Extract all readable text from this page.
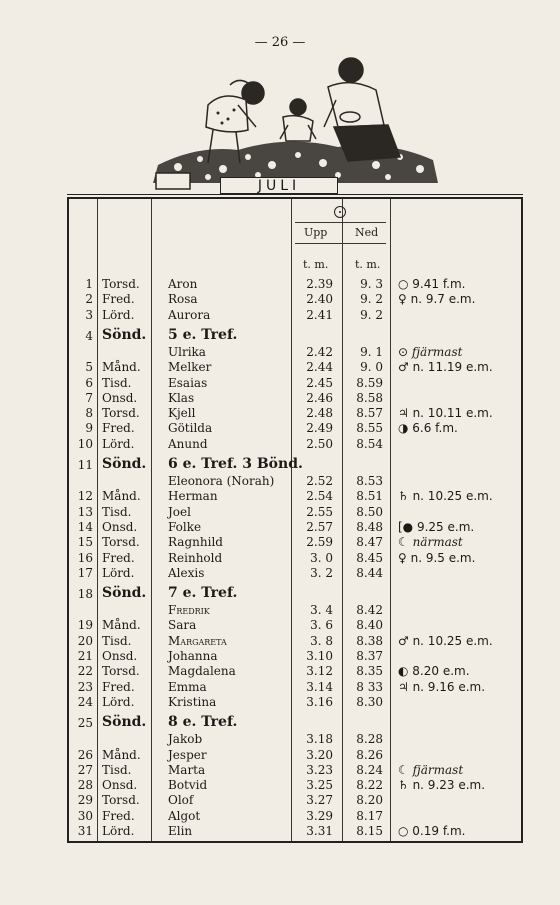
— 26 —
JULI
Upp	Ned
t. m. t. m.
1 Torsd. Aron	2.39	9. 3 ○ 9.41 f.m.
2 Fred.	Rosa	2.40	9. 2 ♀ n. 9.7 e.m.
3 Lörd.	Aurora	2.41	9. 2
4 Sönd. 5 e. Tref.
Ulrika	2.42	9. 1 ⊙ fjärmast
5 Månd. Melker	2.44	9. 0 ♂ n. 11.19 e.m.
6 Tisd.	Esaias	2.45	8.59
7 Onsd.	Klas	2.46	8.58
8 Torsd. Kjell	2.48	8.57 ♃ n. 10.11 e.m.
9 Fred.	Götilda	2.49	8.55 ◑ 6.6 f.m.
10 Lörd.	Anund	2.50	8.54
11 Sönd. 6 e. Tref. 3 Bönd.
Eleonora (Norah)	2.52	8.53
12 Månd. Herman	2.54	8.51 ♄ n. 10.25 e.m.
13 Tisd.	Joel	2.55	8.50
14 Onsd.	Folke	2.57	8.48 [● 9.25 e.m.
15 Torsd. Ragnhild	2.59	8.47 ☾ närmast
16 Fred.	Reinhold	3. 0	8.45 ♀ n. 9.5 e.m.
17 Lörd.	Alexis	3. 2	8.44
18 Sönd. 7 e. Tref.
Fredrik	3. 4	8.42
19 Månd. Sara	3. 6	8.40
20 Tisd.	Margareta	3. 8	8.38 ♂ n. 10.25 e.m.
21 Onsd.	Johanna	3.10	8.37
22 Torsd. Magdalena	3.12	8.35 ◐ 8.20 e.m.
23 Fred.	Emma	3.14	8 33 ♃ n. 9.16 e.m.
24 Lörd.	Kristina	3.16	8.30
25 Sönd. 8 e. Tref.
Jakob	3.18	8.28
26 Månd. Jesper	3.20	8.26
27 Tisd.	Marta	3.23	8.24 ☾ fjärmast
28 Onsd.	Botvid	3.25	8.22 ♄ n. 9.23 e.m.
29 Torsd. Olof	3.27	8.20
30 Fred.	Algot	3.29	8.17
31 Lörd.	Elin	3.31	8.15 ○ 0.19 f.m.
